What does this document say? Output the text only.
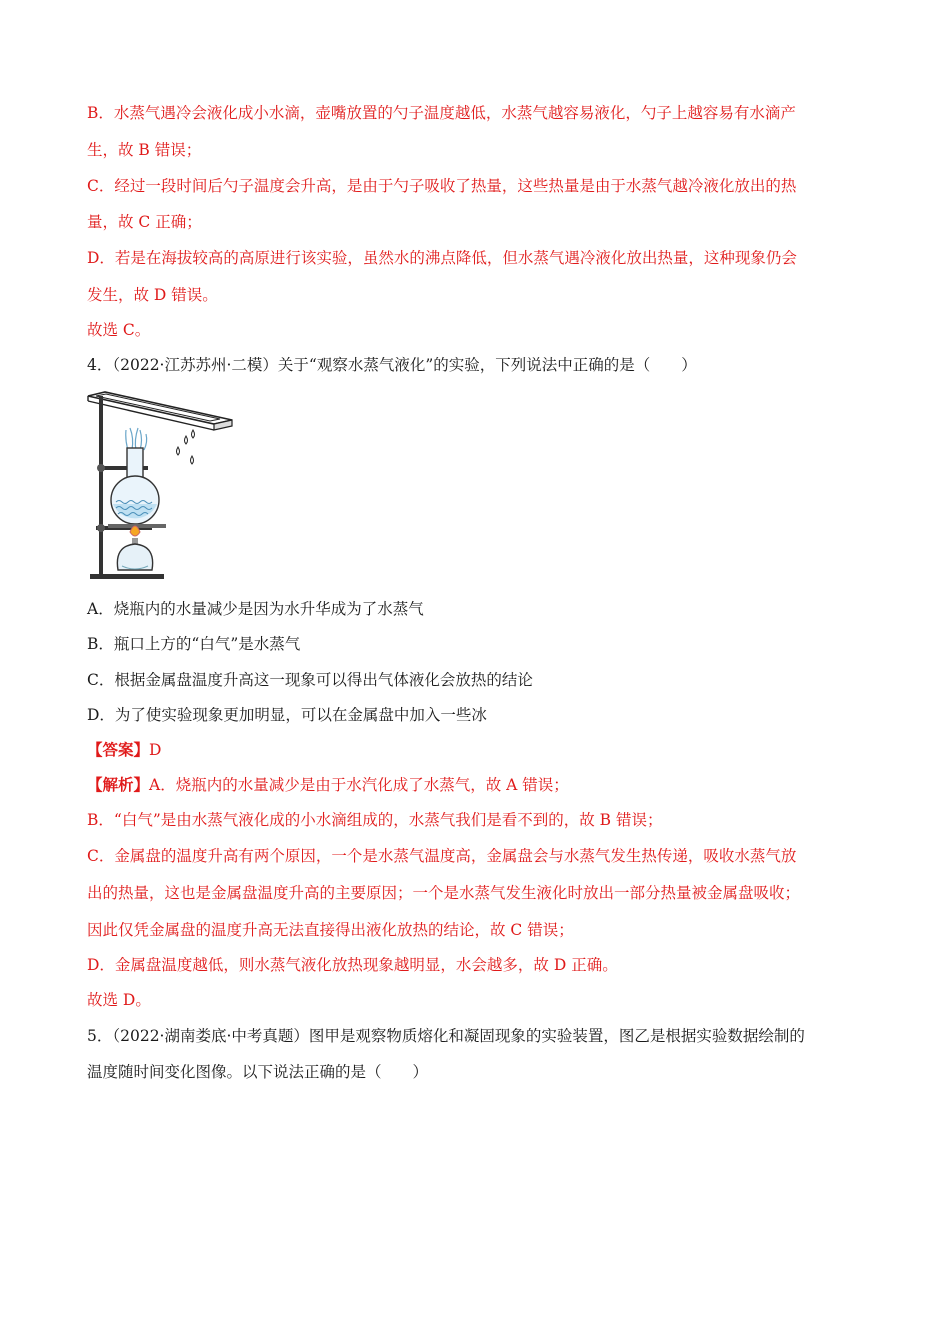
B．水蒸气遇冷会液化成小水滴，壶嘴放置的勺子温度越低，水蒸气越容易液化，勺子上越容易有水滴产
生，故 B 错误；
C．经过一段时间后勺子温度会升高，是由于勺子吸收了热量，这些热量是由于水蒸气越冷液化放出的热
量，故 C 正确；
D．若是在海拔较高的高原进行该实验，虽然水的沸点降低，但水蒸气遇冷液化放出热量，这种现象仍会
发生，故 D 错误。
故选 C。
4．（2022·江苏苏州·二模）关于“观察水蒸气液化”的实验，下列说法中正确的是（　　）
A．烧瓶内的水量减少是因为水升华成为了水蒸气
B．瓶口上方的“白气”是水蒸气
C．根据金属盘温度升高这一现象可以得出气体液化会放热的结论
D．为了使实验现象更加明显，可以在金属盘中加入一些冰
【答案】D
【解析】A．烧瓶内的水量减少是由于水汽化成了水蒸气，故 A 错误；
B．“白气”是由水蒸气液化成的小水滴组成的，水蒸气我们是看不到的，故 B 错误；
C．金属盘的温度升高有两个原因，一个是水蒸气温度高，金属盘会与水蒸气发生热传递，吸收水蒸气放
出的热量，这也是金属盘温度升高的主要原因；一个是水蒸气发生液化时放出一部分热量被金属盘吸收；
因此仅凭金属盘的温度升高无法直接得出液化放热的结论，故 C 错误；
D．金属盘温度越低，则水蒸气液化放热现象越明显，水会越多，故 D 正确。
故选 D。
5．（2022·湖南娄底·中考真题）图甲是观察物质熔化和凝固现象的实验装置，图乙是根据实验数据绘制的
温度随时间变化图像。以下说法正确的是（　　）
